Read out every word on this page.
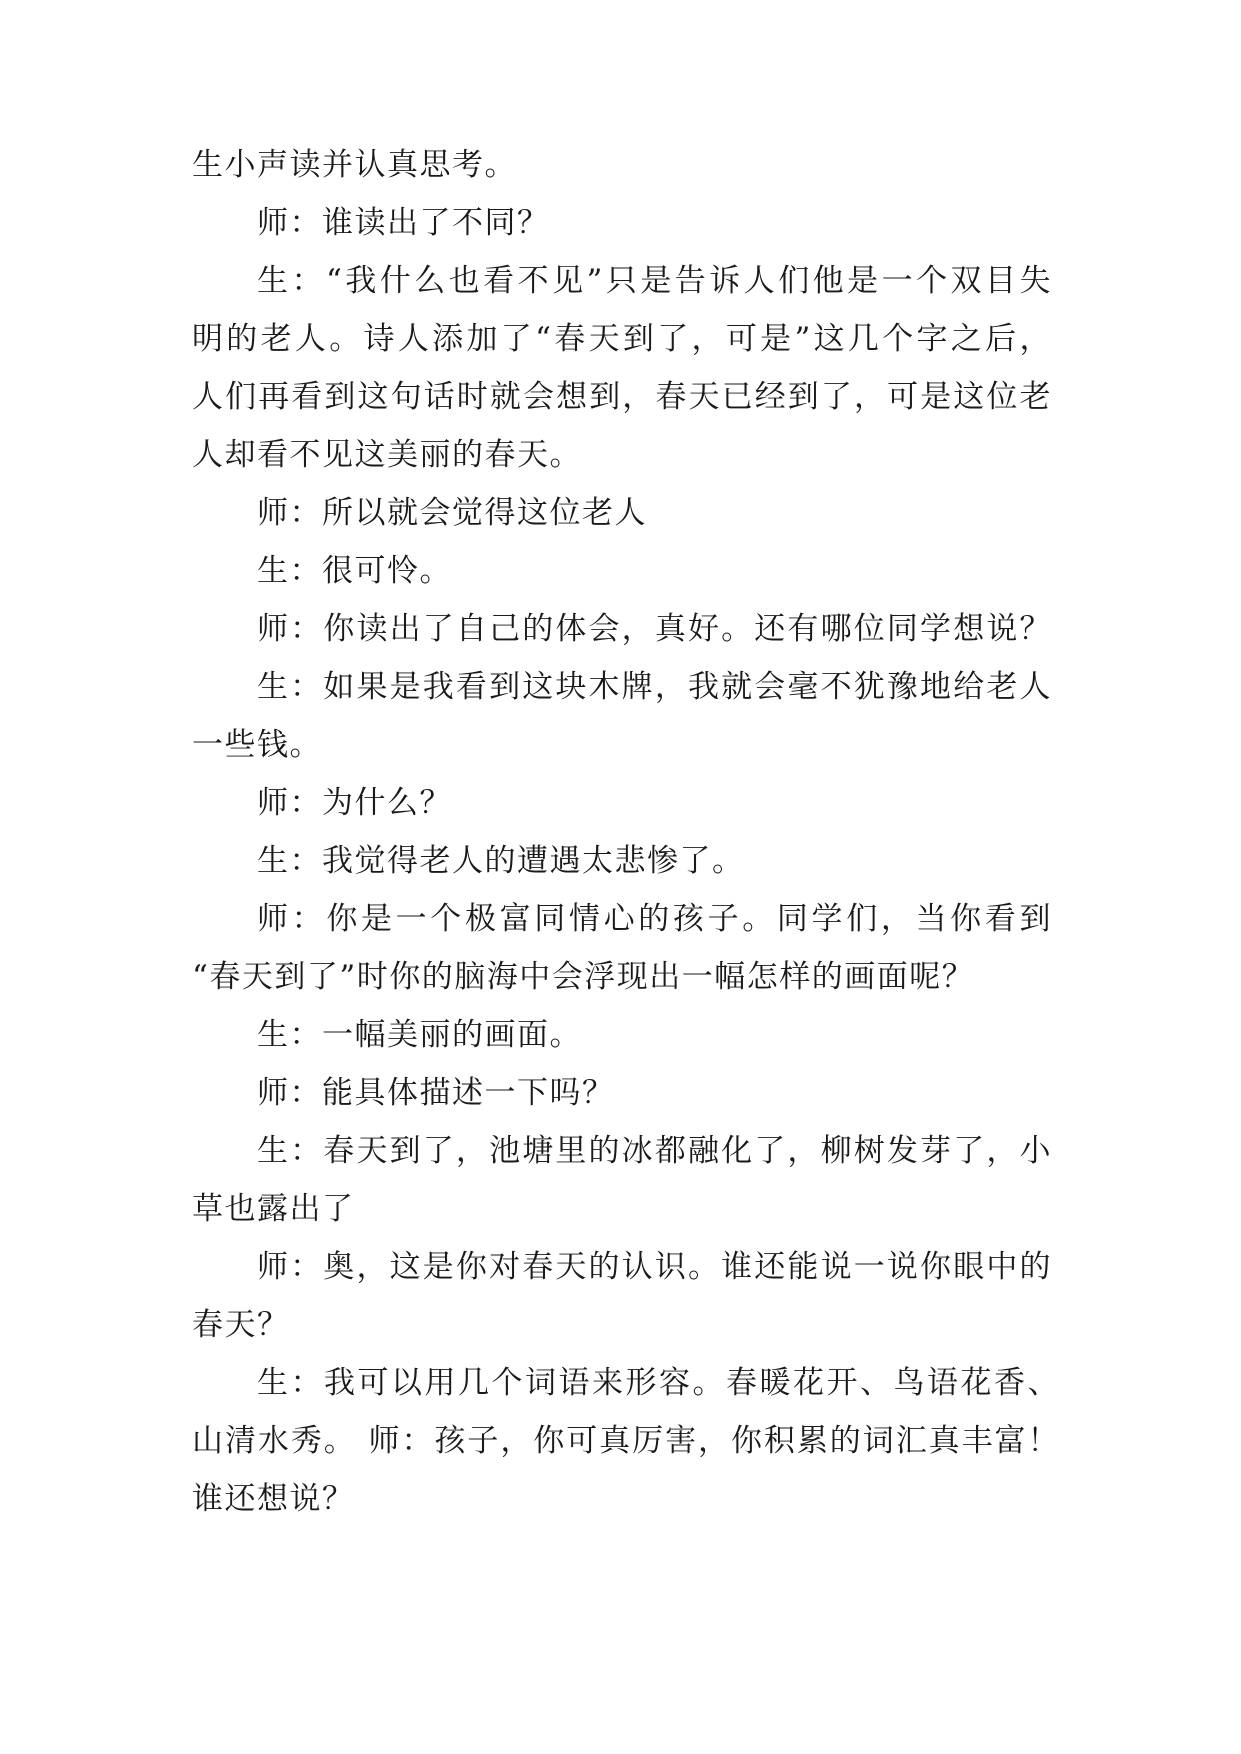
生小声读并认真思考。
师：谁读出了不同？
生：“我什么也看不见”只是告诉人们他是一个双目失
明的老人。诗人添加了“春天到了，可是”这几个字之后，
人们再看到这句话时就会想到，春天已经到了，可是这位老
人却看不见这美丽的春天。
师：所以就会觉得这位老人
生：很可怜。
师：你读出了自己的体会，真好。还有哪位同学想说？
生：如果是我看到这块木牌，我就会毫不犹豫地给老人
一些钱。
师：为什么？
生：我觉得老人的遭遇太悲惨了。
师：你是一个极富同情心的孩子。同学们，当你看到
“春天到了”时你的脑海中会浮现出一幅怎样的画面呢？
生：一幅美丽的画面。
师：能具体描述一下吗？
生：春天到了，池塘里的冰都融化了，柳树发芽了，小
草也露出了
师：奥，这是你对春天的认识。谁还能说一说你眼中的
春天？
生：我可以用几个词语来形容。春暖花开、鸟语花香、
山清水秀。 师：孩子，你可真厉害，你积累的词汇真丰富！
谁还想说？
